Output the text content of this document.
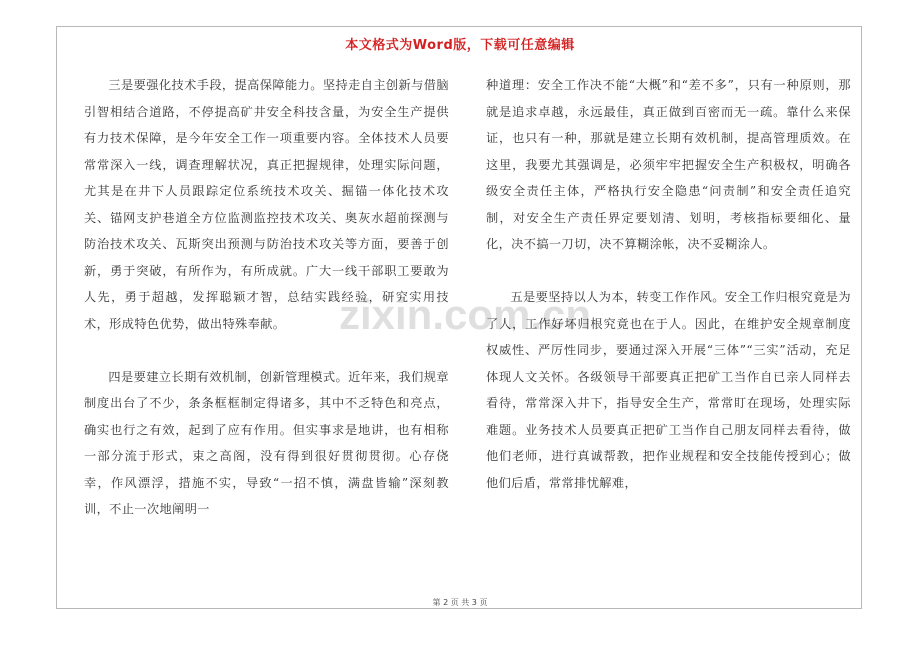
本文格式为Word版，下载可任意编辑

三是要强化技术手段，提高保障能力。坚持走自主创新与借脑引智相结合道路，不停提高矿井安全科技含量，为安全生产提供有力技术保障，是今年安全工作一项重要内容。全体技术人员要常常深入一线，调查理解状况，真正把握规律，处理实际问题，尤其是在井下人员跟踪定位系统技术攻关、掘锚一体化技术攻关、锚网支护巷道全方位监测监控技术攻关、奥灰水超前探测与防治技术攻关、瓦斯突出预测与防治技术攻关等方面，要善于创新，勇于突破，有所作为，有所成就。广大一线干部职工要敢为人先，勇于超越，发挥聪颖才智，总结实践经验，研究实用技术，形成特色优势，做出特殊奉献。

四是要建立长期有效机制，创新管理模式。近年来，我们规章制度出台了不少，条条框框制定得诸多，其中不乏特色和亮点，确实也行之有效，起到了应有作用。但实事求是地讲，也有相称一部分流于形式，束之高阁，没有得到很好贯彻贯彻。心存侥幸，作风漂浮，措施不实，导致“一招不慎，满盘皆输”深刻教训，不止一次地阐明一

种道理：安全工作决不能“大概”和“差不多”，只有一种原则，那就是追求卓越，永远最佳，真正做到百密而无一疏。靠什么来保证，也只有一种，那就是建立长期有效机制，提高管理质效。在这里，我要尤其强调是，必须牢牢把握安全生产积极权，明确各级安全责任主体，严格执行安全隐患“问责制”和安全责任追究制，对安全生产责任界定要划清、划明，考核指标要细化、量化，决不搞一刀切，决不算糊涂帐，决不妥糊涂人。

五是要坚持以人为本，转变工作作风。安全工作归根究竟是为了人，工作好坏归根究竟也在于人。因此，在维护安全规章制度权威性、严厉性同步，要通过深入开展“三体”“三实”活动，充足体现人文关怀。各级领导干部要真正把矿工当作自已亲人同样去看待，常常深入井下，指导安全生产，常常盯在现场，处理实际难题。业务技术人员要真正把矿工当作自己朋友同样去看待，做他们老师，进行真诚帮教，把作业规程和安全技能传授到心；做他们后盾，常常排忧解难，

zixin.com.cn
第 2 页 共 3 页
